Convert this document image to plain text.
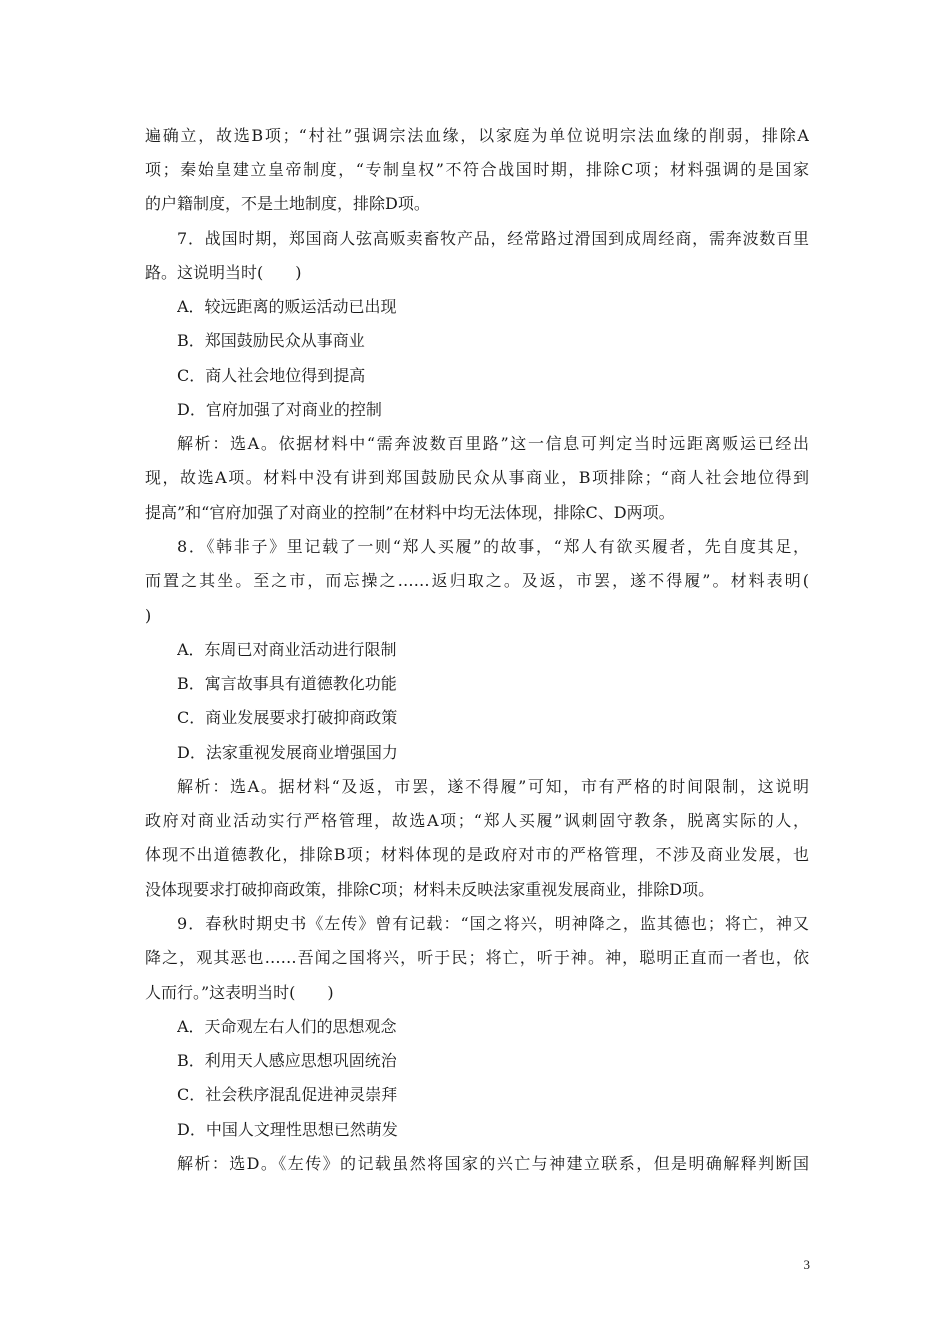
遍确立，故选B项；“村社”强调宗法血缘，以家庭为单位说明宗法血缘的削弱，排除A
项；秦始皇建立皇帝制度，“专制皇权”不符合战国时期，排除C项；材料强调的是国家
的户籍制度，不是土地制度，排除D项。
7．战国时期，郑国商人弦高贩卖畜牧产品，经常路过滑国到成周经商，需奔波数百里
路。这说明当时(　　)
A．较远距离的贩运活动已出现
B．郑国鼓励民众从事商业
C．商人社会地位得到提高
D．官府加强了对商业的控制
解析：选A。依据材料中“需奔波数百里路”这一信息可判定当时远距离贩运已经出
现，故选A项。材料中没有讲到郑国鼓励民众从事商业，B项排除；“商人社会地位得到
提高”和“官府加强了对商业的控制”在材料中均无法体现，排除C、D两项。
8．《韩非子》里记载了一则“郑人买履”的故事，“郑人有欲买履者，先自度其足，
而置之其坐。至之市，而忘操之……返归取之。及返，市罢，遂不得履”。材料表明(
)
A．东周已对商业活动进行限制
B．寓言故事具有道德教化功能
C．商业发展要求打破抑商政策
D．法家重视发展商业增强国力
解析：选A。据材料“及返，市罢，遂不得履”可知，市有严格的时间限制，这说明
政府对商业活动实行严格管理，故选A项；“郑人买履”讽刺固守教条，脱离实际的人，
体现不出道德教化，排除B项；材料体现的是政府对市的严格管理，不涉及商业发展，也
没体现要求打破抑商政策，排除C项；材料未反映法家重视发展商业，排除D项。
9．春秋时期史书《左传》曾有记载：“国之将兴，明神降之，监其德也；将亡，神又
降之，观其恶也……吾闻之国将兴，听于民；将亡，听于神。神，聪明正直而一者也，依
人而行。”这表明当时(　　)
A．天命观左右人们的思想观念
B．利用天人感应思想巩固统治
C．社会秩序混乱促进神灵崇拜
D．中国人文理性思想已然萌发
解析：选D。《左传》的记载虽然将国家的兴亡与神建立联系，但是明确解释判断国
3
